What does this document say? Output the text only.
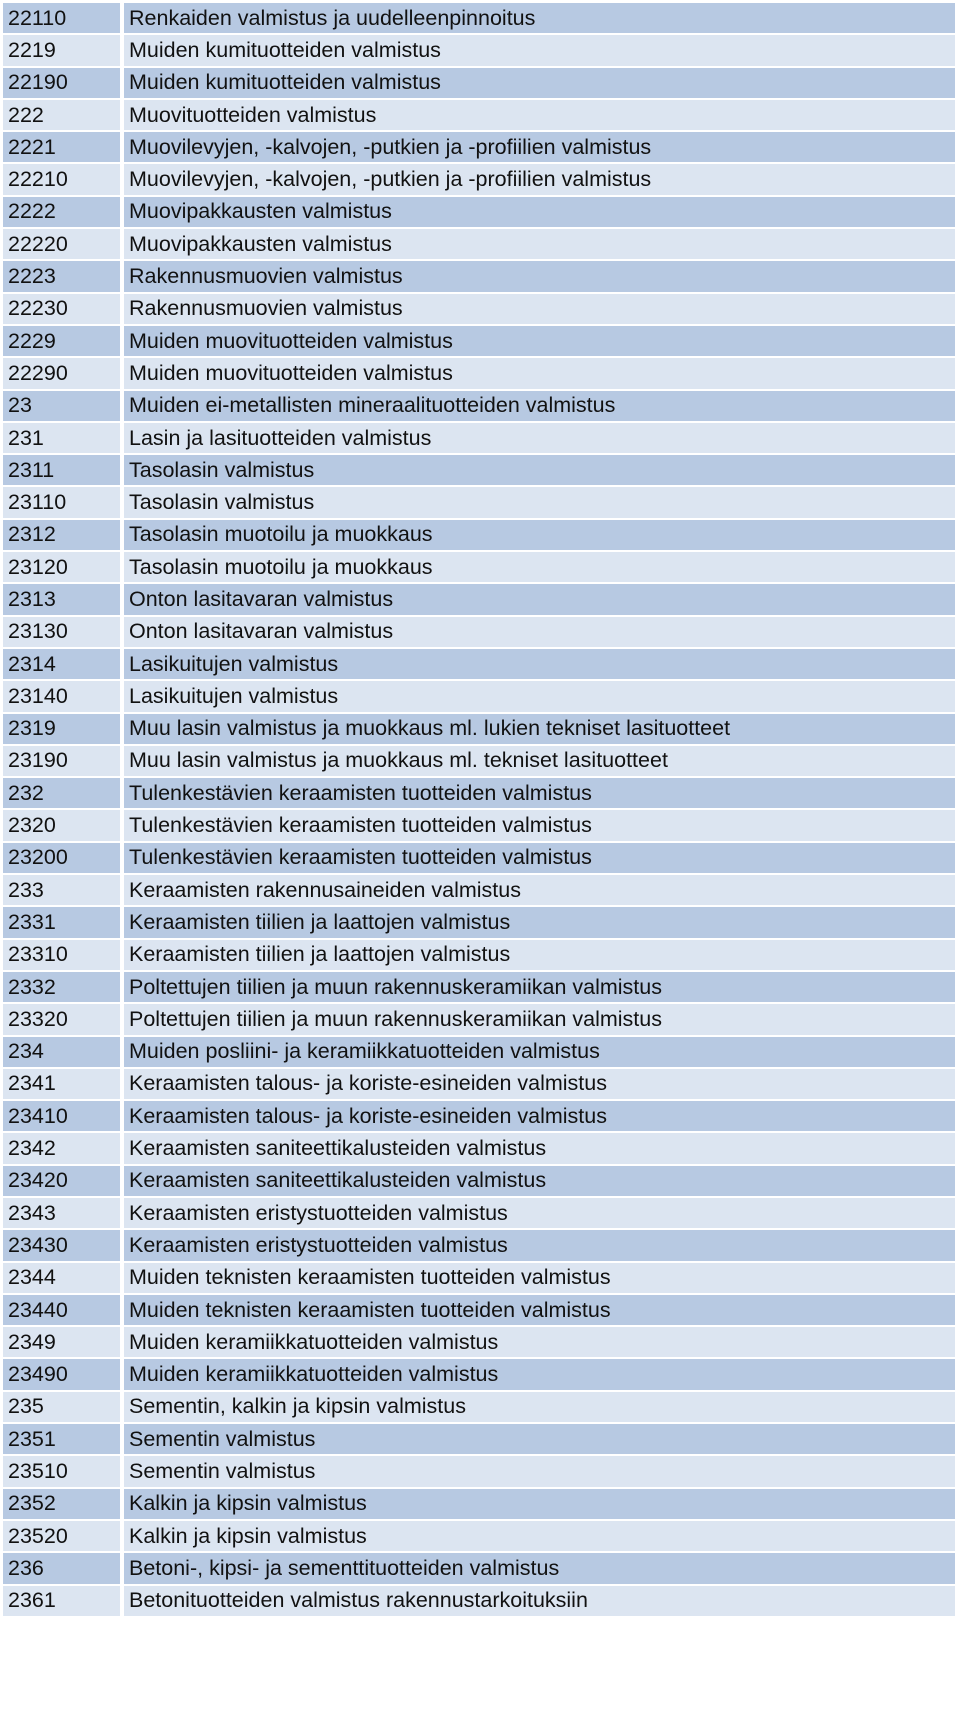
22110	Renkaiden valmistus ja uudelleenpinnoitus
2219	Muiden kumituotteiden valmistus
22190	Muiden kumituotteiden valmistus
222	Muovituotteiden valmistus
2221	Muovilevyjen, -kalvojen, -putkien ja -profiilien valmistus
22210	Muovilevyjen, -kalvojen, -putkien ja -profiilien valmistus
2222	Muovipakkausten valmistus
22220	Muovipakkausten valmistus
2223	Rakennusmuovien valmistus
22230	Rakennusmuovien valmistus
2229	Muiden muovituotteiden valmistus
22290	Muiden muovituotteiden valmistus
23	Muiden ei-metallisten mineraalituotteiden valmistus
231	Lasin ja lasituotteiden valmistus
2311	Tasolasin valmistus
23110	Tasolasin valmistus
2312	Tasolasin muotoilu ja muokkaus
23120	Tasolasin muotoilu ja muokkaus
2313	Onton lasitavaran valmistus
23130	Onton lasitavaran valmistus
2314	Lasikuitujen valmistus
23140	Lasikuitujen valmistus
2319	Muu lasin valmistus ja muokkaus ml. lukien tekniset lasituotteet
23190	Muu lasin valmistus ja muokkaus ml. tekniset lasituotteet
232	Tulenkestävien keraamisten tuotteiden valmistus
2320	Tulenkestävien keraamisten tuotteiden valmistus
23200	Tulenkestävien keraamisten tuotteiden valmistus
233	Keraamisten rakennusaineiden valmistus
2331	Keraamisten tiilien ja laattojen valmistus
23310	Keraamisten tiilien ja laattojen valmistus
2332	Poltettujen tiilien ja muun rakennuskeramiikan valmistus
23320	Poltettujen tiilien ja muun rakennuskeramiikan valmistus
234	Muiden posliini- ja keramiikkatuotteiden valmistus
2341	Keraamisten talous- ja koriste-esineiden valmistus
23410	Keraamisten talous- ja koriste-esineiden valmistus
2342	Keraamisten saniteettikalusteiden valmistus
23420	Keraamisten saniteettikalusteiden valmistus
2343	Keraamisten eristystuotteiden valmistus
23430	Keraamisten eristystuotteiden valmistus
2344	Muiden teknisten keraamisten tuotteiden valmistus
23440	Muiden teknisten keraamisten tuotteiden valmistus
2349	Muiden keramiikkatuotteiden valmistus
23490	Muiden keramiikkatuotteiden valmistus
235	Sementin, kalkin ja kipsin valmistus
2351	Sementin valmistus
23510	Sementin valmistus
2352	Kalkin ja kipsin valmistus
23520	Kalkin ja kipsin valmistus
236	Betoni-, kipsi- ja sementtituotteiden valmistus
2361	Betonituotteiden valmistus rakennustarkoituksiin
